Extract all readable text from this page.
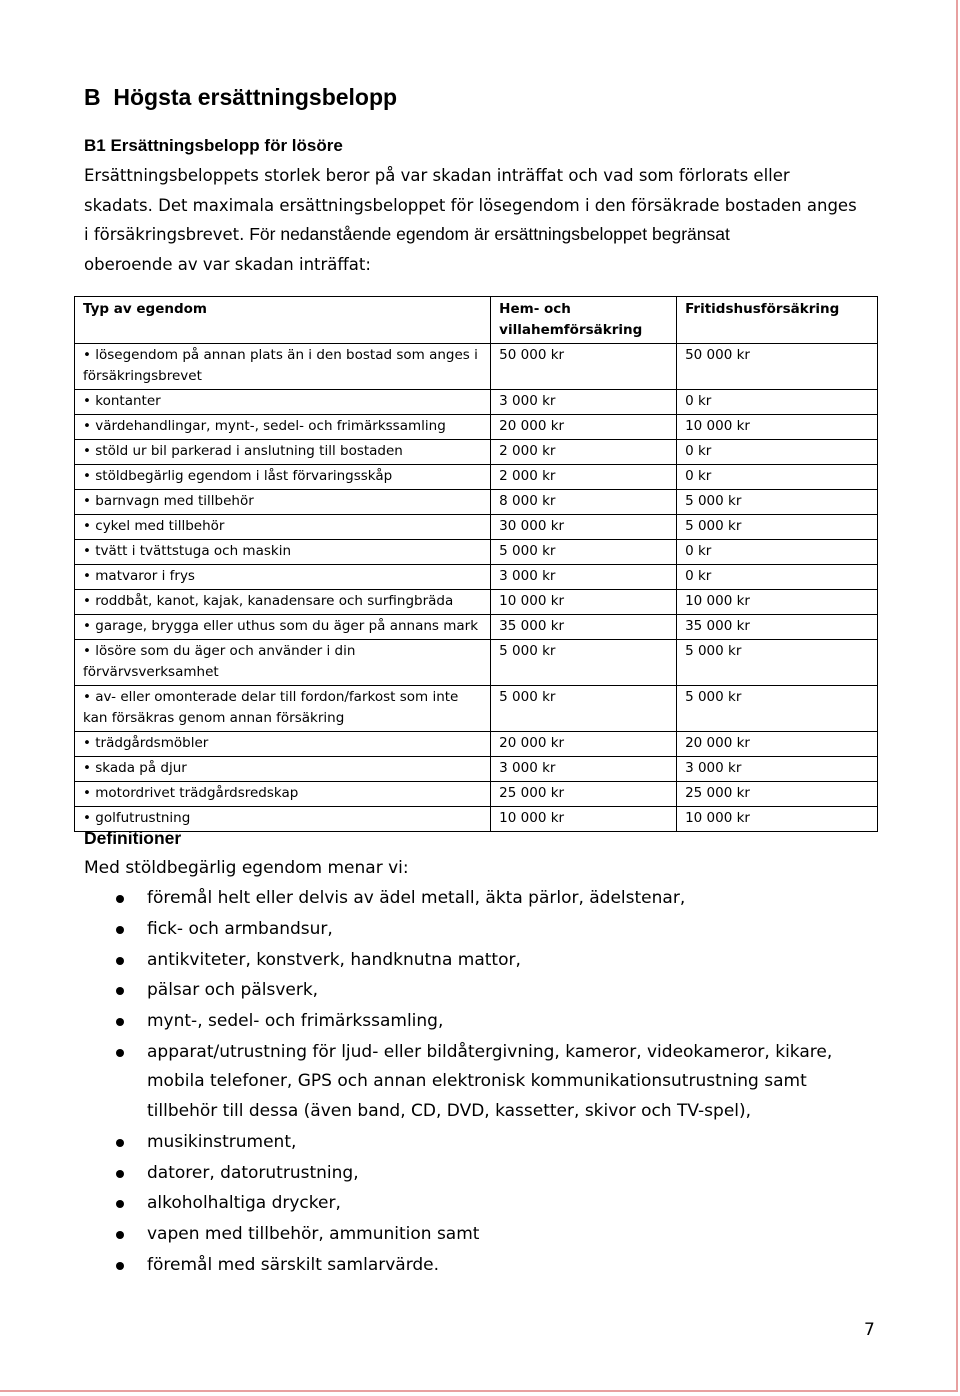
B  Högsta ersättningsbelopp
B1 Ersättningsbelopp för lösöre
Ersättningsbeloppets storlek beror på var skadan inträffat och vad som förlorats eller
skadats. Det maximala ersättningsbeloppet för lösegendom i den försäkrade bostaden anges
i försäkringsbrevet. För nedanstående egendom är ersättningsbeloppet begränsat
oberoende av var skadan inträffat:
Typ av egendom	Hem- och villahemförsäkring	Fritidshusförsäkring
• lösegendom på annan plats än i den bostad som anges i försäkringsbrevet	50 000 kr	50 000 kr
• kontanter	3 000 kr	0 kr
• värdehandlingar, mynt-, sedel- och frimärkssamling	20 000 kr	10 000 kr
• stöld ur bil parkerad i anslutning till bostaden	2 000 kr	0 kr
• stöldbegärlig egendom i låst förvaringsskåp	2 000 kr	0 kr
• barnvagn med tillbehör	8 000 kr	5 000 kr
• cykel med tillbehör	30 000 kr	5 000 kr
• tvätt i tvättstuga och maskin	5 000 kr	0 kr
• matvaror i frys	3 000 kr	0 kr
• roddbåt, kanot, kajak, kanadensare och surfingbräda	10 000 kr	10 000 kr
• garage, brygga eller uthus som du äger på annans mark	35 000 kr	35 000 kr
• lösöre som du äger och använder i din förvärvsverksamhet	5 000 kr	5 000 kr
• av- eller omonterade delar till fordon/farkost som inte kan försäkras genom annan försäkring	5 000 kr	5 000 kr
• trädgårdsmöbler	20 000 kr	20 000 kr
• skada på djur	3 000 kr	3 000 kr
• motordrivet trädgårdsredskap	25 000 kr	25 000 kr
• golfutrustning	10 000 kr	10 000 kr
Definitioner
Med stöldbegärlig egendom menar vi:
föremål helt eller delvis av ädel metall, äkta pärlor, ädelstenar,
fick- och armbandsur,
antikviteter, konstverk, handknutna mattor,
pälsar och pälsverk,
mynt-, sedel- och frimärkssamling,
apparat/utrustning för ljud- eller bildåtergivning, kameror, videokameror, kikare, mobila telefoner, GPS och annan elektronisk kommunikationsutrustning samt tillbehör till dessa (även band, CD, DVD, kassetter, skivor och TV-spel),
musikinstrument,
datorer, datorutrustning,
alkoholhaltiga drycker,
vapen med tillbehör, ammunition samt
föremål med särskilt samlarvärde.
7
